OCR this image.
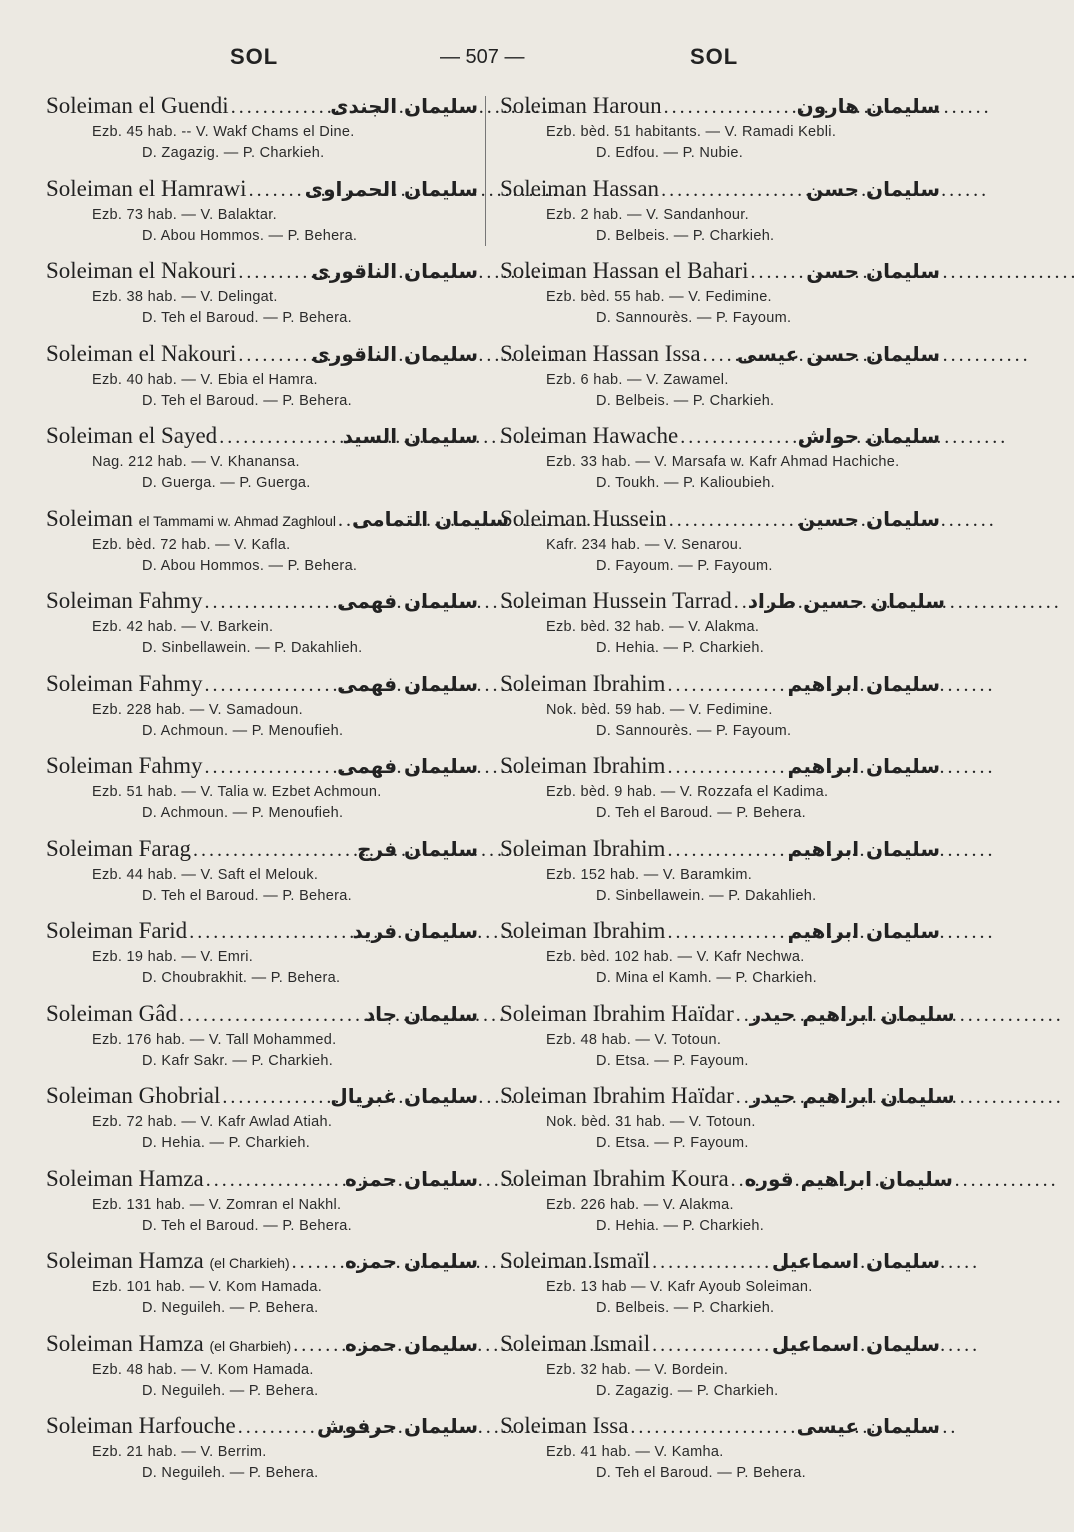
SOL	— 507 —	SOL
Soleiman el Guendi . . .	سليمان الجندى
Ezb. 45 hab. -- V. Wakf Chams el Dine.
D. Zagazig. — P. Charkieh.
Soleiman el Hamrawi . . .	سليمان الحمراوى
Ezb. 73 hab. — V. Balaktar.
D. Abou Hommos. — P. Behera.
Soleiman el Nakouri . . .	سليمان الناقورى
Ezb. 38 hab. — V. Delingat.
D. Teh el Baroud. — P. Behera.
Soleiman el Nakouri . . .	سليمان الناقورى
Ezb. 40 hab. — V. Ebia el Hamra.
D. Teh el Baroud. — P. Behera.
Soleiman el Sayed . . .	سليمان السيد
Nag. 212 hab. — V. Khanansa.
D. Guerga. — P. Guerga.
Soleiman el Tammami w. Ahmad Zaghloul . . . سليمان التمامى
Ezb. bèd. 72 hab. — V. Kafla.
D. Abou Hommos. — P. Behera.
Soleiman Fahmy . . .	سليمان فهمى
Ezb. 42 hab. — V. Barkein.
D. Sinbellawein. — P. Dakahlieh.
Soleiman Fahmy . . .	سليمان فهمى
Ezb. 228 hab. — V. Samadoun.
D. Achmoun. — P. Menoufieh.
Soleiman Fahmy . . .	سليمان فهمى
Ezb. 51 hab. — V. Talia w. Ezbet Achmoun.
D. Achmoun. — P. Menoufieh.
Soleiman Farag . . .	سليمان فرج
Ezb. 44 hab. — V. Saft el Melouk.
D. Teh el Baroud. — P. Behera.
Soleiman Farid . . .	سليمان فريد
Ezb. 19 hab. — V. Emri.
D. Choubrakhit. — P. Behera.
Soleiman Gâd . . .	سليمان جاد
Ezb. 176 hab. — V. Tall Mohammed.
D. Kafr Sakr. — P. Charkieh.
Soleiman Ghobrial . . .	سليمان غبريال
Ezb. 72 hab. — V. Kafr Awlad Atiah.
D. Hehia. — P. Charkieh.
Soleiman Hamza . . .	سليمان حمزه
Ezb. 131 hab. — V. Zomran el Nakhl.
D. Teh el Baroud. — P. Behera.
Soleiman Hamza (el Charkieh) . . .	سليمان حمزه
Ezb. 101 hab. — V. Kom Hamada.
D. Neguileh. — P. Behera.
Soleiman Hamza (el Gharbieh) . . .	سليمان حمزه
Ezb. 48 hab. — V. Kom Hamada.
D. Neguileh. — P. Behera.
Soleiman Harfouche . . .	سليمان حرفوش
Ezb. 21 hab. — V. Berrim.
D. Neguileh. — P. Behera.
Soleiman Haroun . . .	سليمان هارون
Ezb. bèd. 51 habitants. — V. Ramadi Kebli.
D. Edfou. — P. Nubie.
Soleiman Hassan . . .	سليمان حسن
Ezb. 2 hab. — V. Sandanhour.
D. Belbeis. — P. Charkieh.
Soleiman Hassan el Bahari . . .	سليمان حسن
Ezb. bèd. 55 hab. — V. Fedimine.
D. Sannourès. — P. Fayoum.
Soleiman Hassan Issa . . . سليمان حسن عيسى
Ezb. 6 hab. — V. Zawamel.
D. Belbeis. — P. Charkieh.
Soleiman Hawache . . .	سليمان حواش
Ezb. 33 hab. — V. Marsafa w. Kafr Ahmad Hachiche.
D. Toukh. — P. Kalioubieh.
Soleiman Hussein . . .	سليمان حسين
Kafr. 234 hab. — V. Senarou.
D. Fayoum. — P. Fayoum.
Soleiman Hussein Tarrad . . . سليمان حسين طراد
Ezb. bèd. 32 hab. — V. Alakma.
D. Hehia. — P. Charkieh.
Soleiman Ibrahim . . .	سليمان ابراهيم
Nok. bèd. 59 hab. — V. Fedimine.
D. Sannourès. — P. Fayoum.
Soleiman Ibrahim . . .	سليمان ابراهيم
Ezb. bèd. 9 hab. — V. Rozzafa el Kadima.
D. Teh el Baroud. — P. Behera.
Soleiman Ibrahim . . .	سليمان ابراهيم
Ezb. 152 hab. — V. Baramkim.
D. Sinbellawein. — P. Dakahlieh.
Soleiman Ibrahim . . .	سليمان ابراهيم
Ezb. bèd. 102 hab. — V. Kafr Nechwa.
D. Mina el Kamh. — P. Charkieh.
Soleiman Ibrahim Haïdar . . . سليمان ابراهيم حيدر
Ezb. 48 hab. — V. Totoun.
D. Etsa. — P. Fayoum.
Soleiman Ibrahim Haïdar . . . سليمان ابراهيم حيدر
Nok. bèd. 31 hab. — V. Totoun.
D. Etsa. — P. Fayoum.
Soleiman Ibrahim Koura . . . سليمان ابراهيم قوره
Ezb. 226 hab. — V. Alakma.
D. Hehia. — P. Charkieh.
Soleiman Ismaïl . . .	سليمان اسماعيل
Ezb. 13 hab — V. Kafr Ayoub Soleiman.
D. Belbeis. — P. Charkieh.
Soleiman Ismail . . .	سليمان اسماعيل
Ezb. 32 hab. — V. Bordein.
D. Zagazig. — P. Charkieh.
Soleiman Issa . . .	سليمان عيسى
Ezb. 41 hab. — V. Kamha.
D. Teh el Baroud. — P. Behera.
